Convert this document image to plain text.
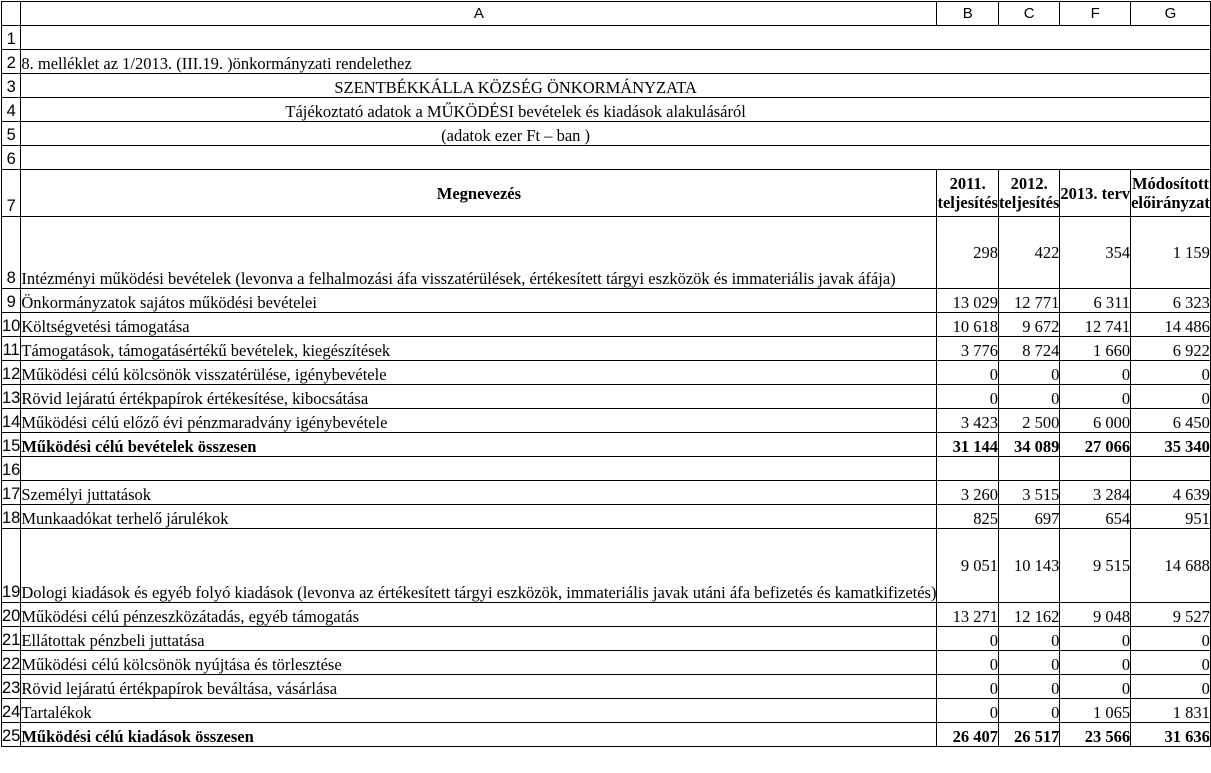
	A	B	C	F	G
1					
2	8. melléklet az 1/2013. (III.19. )önkormányzati rendelethez				
3	SZENTBÉKKÁLLA KÖZSÉG ÖNKORMÁNYZATA				
4	Tájékoztató adatok a MŰKÖDÉSI bevételek és kiadások alakulásáról				
5	(adatok ezer Ft – ban )				
6					
7	Megnevezés	2011. teljesítés	2012. teljesítés	2013. terv	Módosított előirányzat
8	Intézményi működési bevételek (levonva a felhalmozási áfa visszatérülések, értékesített tárgyi eszközök és immateriális javak áfája)	298	422	354	1 159
9	Önkormányzatok sajátos működési bevételei	13 029	12 771	6 311	6 323
10	Költségvetési támogatása	10 618	9 672	12 741	14 486
11	Támogatások, támogatásértékű bevételek, kiegészítések	3 776	8 724	1 660	6 922
12	Működési célú kölcsönök visszatérülése, igénybevétele	0	0	0	0
13	Rövid lejáratú értékpapírok értékesítése, kibocsátása	0	0	0	0
14	Működési célú előző évi pénzmaradvány igénybevétele	3 423	2 500	6 000	6 450
15	Működési célú bevételek összesen	31 144	34 089	27 066	35 340
16					
17	Személyi juttatások	3 260	3 515	3 284	4 639
18	Munkaadókat terhelő járulékok	825	697	654	951
19	Dologi kiadások és egyéb folyó kiadások (levonva az értékesített tárgyi eszközök, immateriális javak utáni áfa befizetés és kamatkifizetés)	9 051	10 143	9 515	14 688
20	Működési célú pénzeszközátadás, egyéb támogatás	13 271	12 162	9 048	9 527
21	Ellátottak pénzbeli juttatása	0	0	0	0
22	Működési célú kölcsönök nyújtása és törlesztése	0	0	0	0
23	Rövid lejáratú értékpapírok beváltása, vásárlása	0	0	0	0
24	Tartalékok	0	0	1 065	1 831
25	Működési célú kiadások összesen	26 407	26 517	23 566	31 636
